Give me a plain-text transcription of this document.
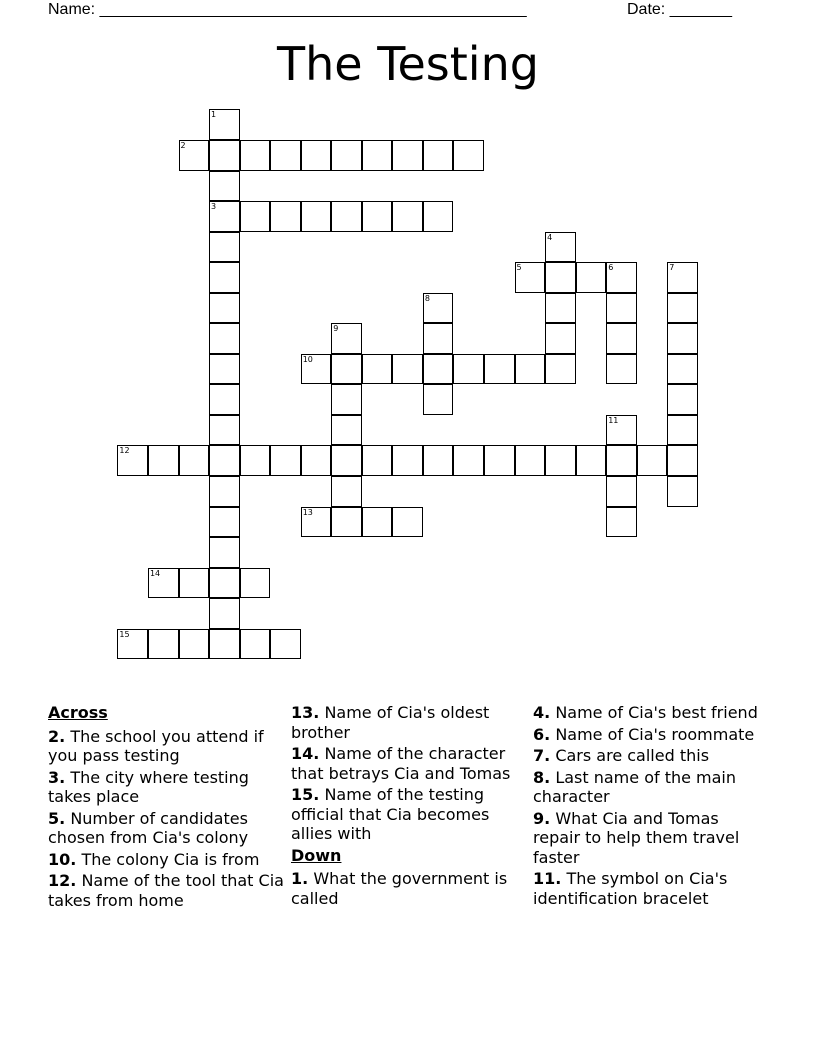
Name: ________________________________________________	Date: _______
The Testing
1
3
2
4
5	6	7
8
9
10
11
12
13
14
15
Across
2. The school you attend if you pass testing
3. The city where testing takes place
5. Number of candidates chosen from Cia's colony
10. The colony Cia is from
12. Name of the tool that Cia takes from home
13. Name of Cia's oldest brother
14. Name of the character that betrays Cia and Tomas
15. Name of the testing official that Cia becomes allies with
Down
1. What the government is called
4. Name of Cia's best friend
6. Name of Cia's roommate
7. Cars are called this
8. Last name of the main character
9. What Cia and Tomas repair to help them travel faster
11. The symbol on Cia's identification bracelet
